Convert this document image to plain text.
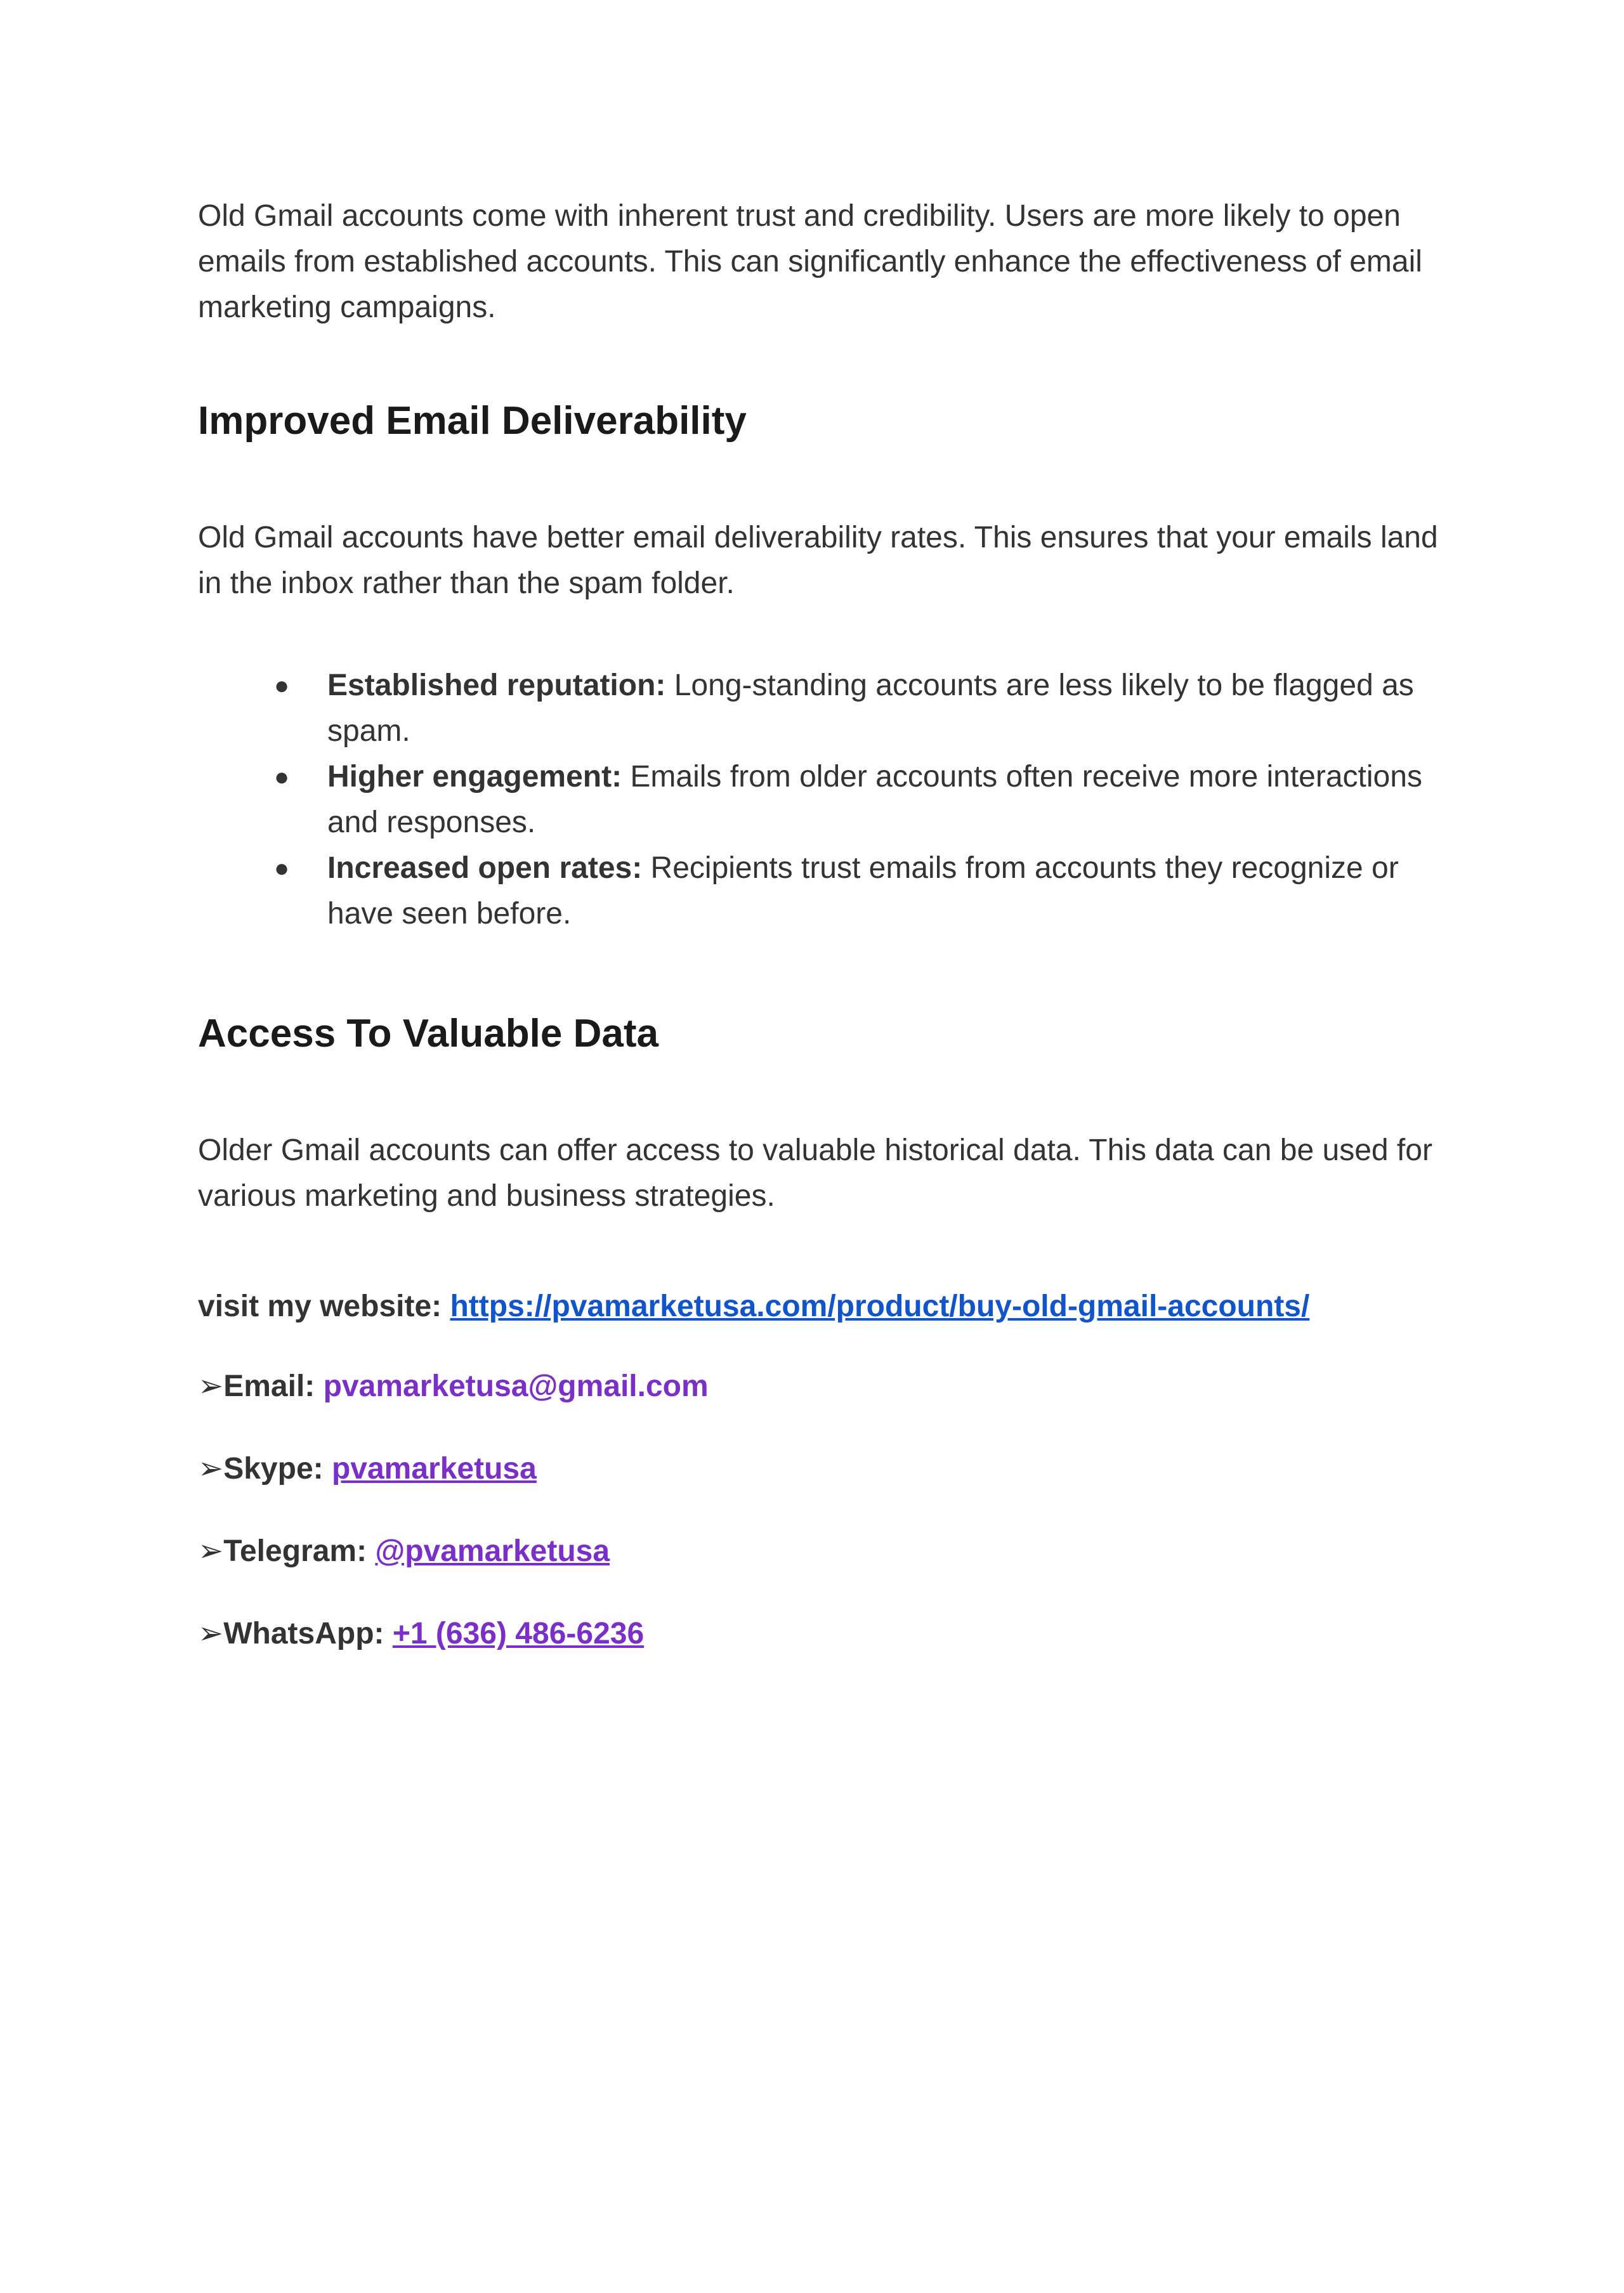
Old Gmail accounts come with inherent trust and credibility. Users are more likely to open emails from established accounts. This can significantly enhance the effectiveness of email marketing campaigns.

Improved Email Deliverability

Old Gmail accounts have better email deliverability rates. This ensures that your emails land in the inbox rather than the spam folder.

●	Established reputation: Long-standing accounts are less likely to be flagged as spam.
●	Higher engagement: Emails from older accounts often receive more interactions and responses.
●	Increased open rates: Recipients trust emails from accounts they recognize or have seen before.
Access To Valuable Data

Older Gmail accounts can offer access to valuable historical data. This data can be used for various marketing and business strategies.

visit my website: https://pvamarketusa.com/product/buy-old-gmail-accounts/
➢Email: pvamarketusa@gmail.com
➢Skype: pvamarketusa
➢Telegram: @pvamarketusa
➢WhatsApp: +1 (636) 486-6236
